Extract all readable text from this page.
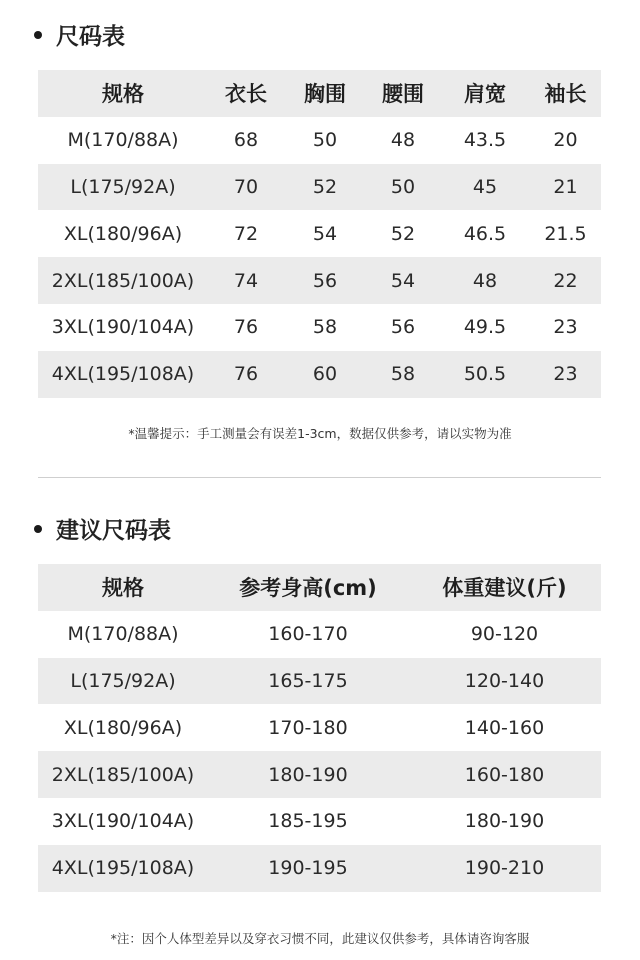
尺码表
规格	衣长	胸围	腰围	肩宽	袖长
M(170/88A)	68	50	48	43.5	20
L(175/92A)	70	52	50	45	21
XL(180/96A)	72	54	52	46.5	21.5
2XL(185/100A)	74	56	54	48	22
3XL(190/104A)	76	58	56	49.5	23
4XL(195/108A)	76	60	58	50.5	23
*温馨提示：手工测量会有误差1-3cm，数据仅供参考，请以实物为准
建议尺码表
规格	参考身高(cm)	体重建议(斤)
M(170/88A)	160-170	90-120
L(175/92A)	165-175	120-140
XL(180/96A)	170-180	140-160
2XL(185/100A)	180-190	160-180
3XL(190/104A)	185-195	180-190
4XL(195/108A)	190-195	190-210
*注：因个人体型差异以及穿衣习惯不同，此建议仅供参考，具体请咨询客服
